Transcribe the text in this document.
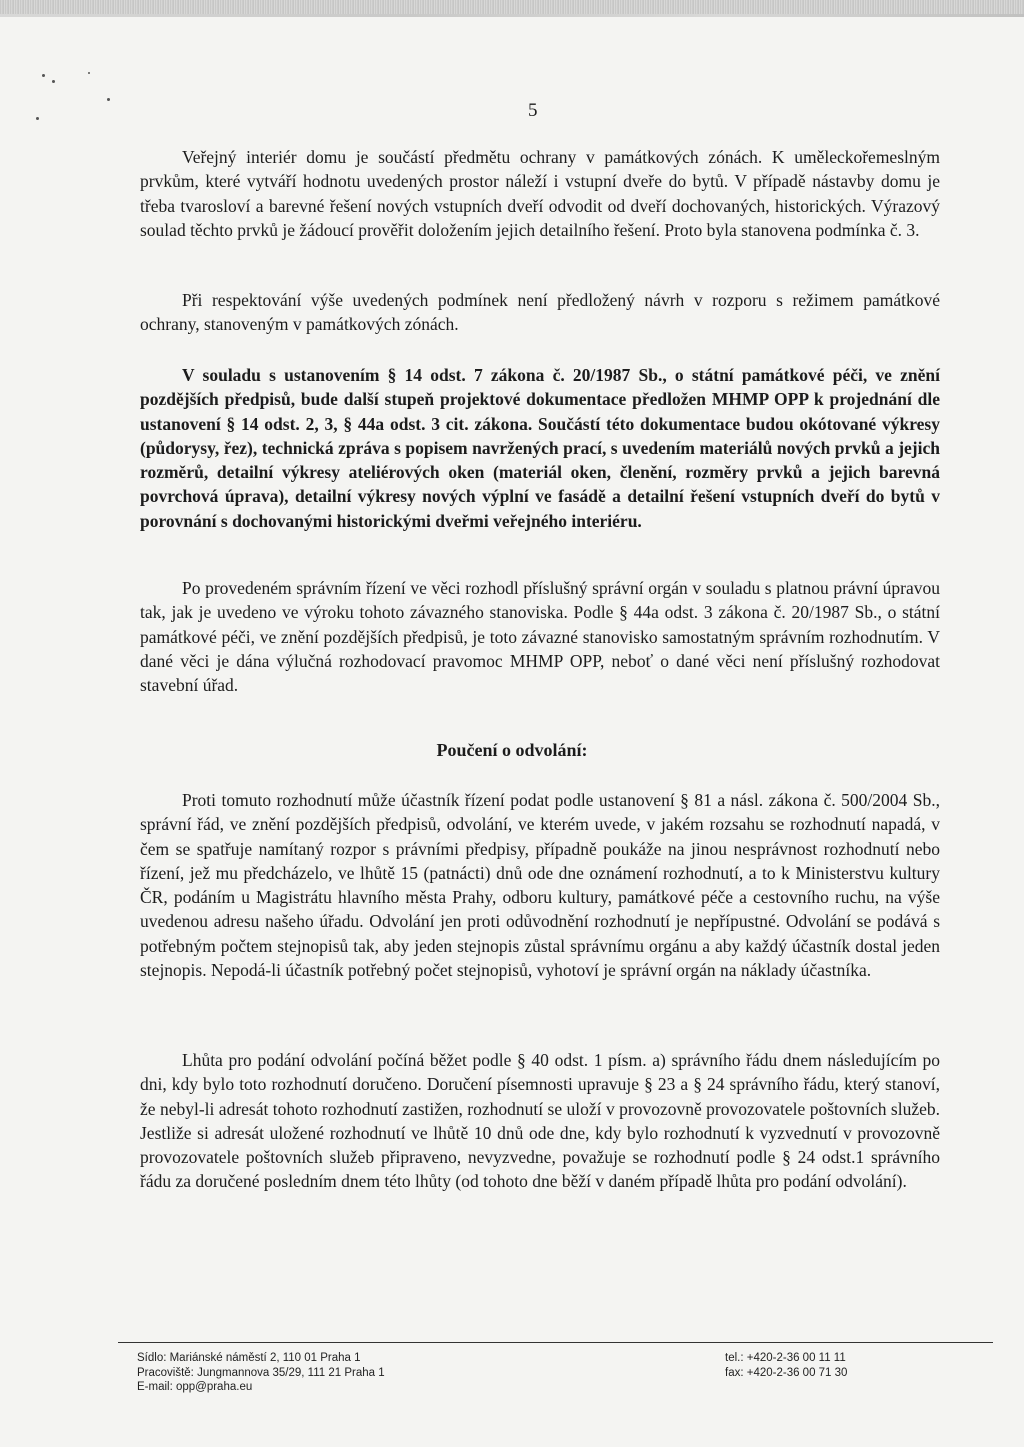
5

Veřejný interiér domu je součástí předmětu ochrany v památkových zónách. K uměleckořemeslným prvkům, které vytváří hodnotu uvedených prostor náleží i vstupní dveře do bytů. V případě nástavby domu je třeba tvarosloví a barevné řešení nových vstupních dveří odvodit od dveří dochovaných, historických. Výrazový soulad těchto prvků je žádoucí prověřit doložením jejich detailního řešení. Proto byla stanovena podmínka č. 3.

Při respektování výše uvedených podmínek není předložený návrh v rozporu s režimem památkové ochrany, stanoveným v památkových zónách.

V souladu s ustanovením § 14 odst. 7 zákona č. 20/1987 Sb., o státní památkové péči, ve znění pozdějších předpisů, bude další stupeň projektové dokumentace předložen MHMP OPP k projednání dle ustanovení § 14 odst. 2, 3, § 44a odst. 3 cit. zákona. Součástí této dokumentace budou okótované výkresy (půdorysy, řez), technická zpráva s popisem navržených prací, s uvedením materiálů nových prvků a jejich rozměrů, detailní výkresy ateliérových oken (materiál oken, členění, rozměry prvků a jejich barevná povrchová úprava), detailní výkresy nových výplní ve fasádě a detailní řešení vstupních dveří do bytů v porovnání s dochovanými historickými dveřmi veřejného interiéru.

Po provedeném správním řízení ve věci rozhodl příslušný správní orgán v souladu s platnou právní úpravou tak, jak je uvedeno ve výroku tohoto závazného stanoviska. Podle § 44a odst. 3 zákona č. 20/1987 Sb., o státní památkové péči, ve znění pozdějších předpisů, je toto závazné stanovisko samostatným správním rozhodnutím. V dané věci je dána výlučná rozhodovací pravomoc MHMP OPP, neboť o dané věci není příslušný rozhodovat stavební úřad.

Poučení o odvolání:

Proti tomuto rozhodnutí může účastník řízení podat podle ustanovení § 81 a násl. zákona č. 500/2004 Sb., správní řád, ve znění pozdějších předpisů, odvolání, ve kterém uvede, v jakém rozsahu se rozhodnutí napadá, v čem se spatřuje namítaný rozpor s právními předpisy, případně poukáže na jinou nesprávnost rozhodnutí nebo řízení, jež mu předcházelo, ve lhůtě 15 (patnácti) dnů ode dne oznámení rozhodnutí, a to k Ministerstvu kultury ČR, podáním u Magistrátu hlavního města Prahy, odboru kultury, památkové péče a cestovního ruchu, na výše uvedenou adresu našeho úřadu. Odvolání jen proti odůvodnění rozhodnutí je nepřípustné. Odvolání se podává s potřebným počtem stejnopisů tak, aby jeden stejnopis zůstal správnímu orgánu a aby každý účastník dostal jeden stejnopis. Nepodá-li účastník potřebný počet stejnopisů, vyhotoví je správní orgán na náklady účastníka.

Lhůta pro podání odvolání počíná běžet podle § 40 odst. 1 písm. a) správního řádu dnem následujícím po dni, kdy bylo toto rozhodnutí doručeno. Doručení písemnosti upravuje § 23 a § 24 správního řádu, který stanoví, že nebyl-li adresát tohoto rozhodnutí zastižen, rozhodnutí se uloží v provozovně provozovatele poštovních služeb. Jestliže si adresát uložené rozhodnutí ve lhůtě 10 dnů ode dne, kdy bylo rozhodnutí k vyzvednutí v provozovně provozovatele poštovních služeb připraveno, nevyzvedne, považuje se rozhodnutí podle § 24 odst.1 správního řádu za doručené posledním dnem této lhůty (od tohoto dne běží v daném případě lhůta pro podání odvolání).

Sídlo: Mariánské náměstí 2, 110 01 Praha 1
Pracoviště: Jungmannova 35/29, 111 21 Praha 1
E-mail: opp@praha.eu
tel.: +420-2-36 00 11 11
fax: +420-2-36 00 71 30
